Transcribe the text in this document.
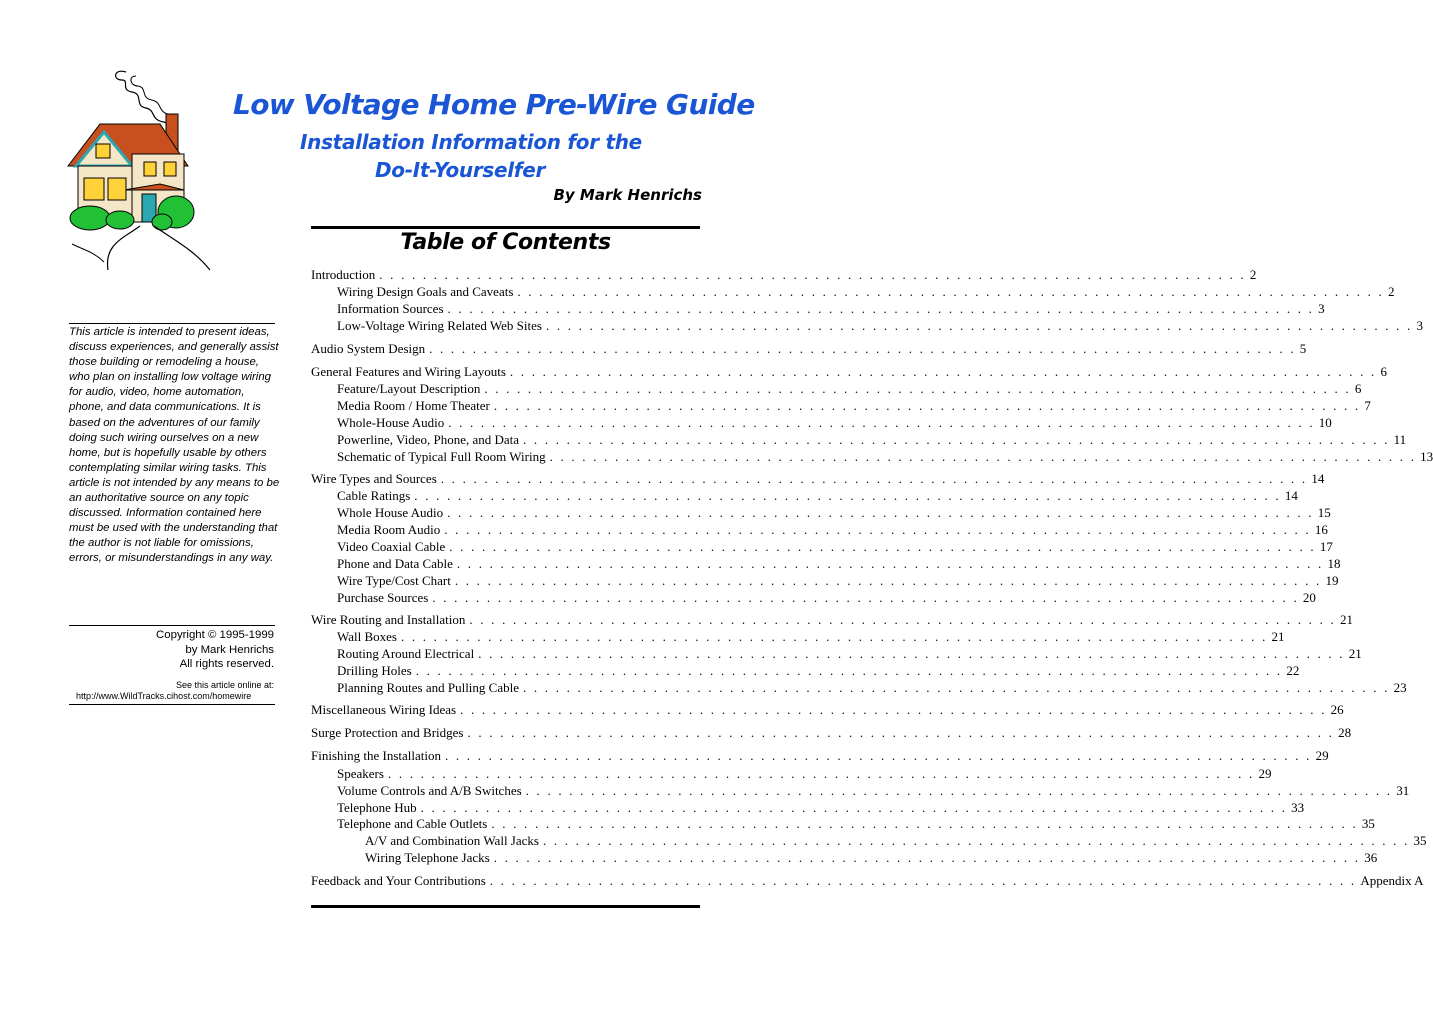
Low Voltage Home Pre-Wire Guide
Installation Information for the
Do-It-Yourselfer
By Mark Henrichs
Table of Contents
Introduction . . . . . . . . . . . . . . . . . . . . . . . . . . . . . . . . . . . . . . . . . . . . . . . . . . . . . . . . . . . . . . . . . . . . . . . . . . . . . . . . 2
Wiring Design Goals and Caveats . . . . . . . . . . . . . . . . . . . . . . . . . . . . . . . . . . . . . . . . . . . . . . . . . . . . . . . . . . . . . . . . . . . . . . . . . . . . . . . . 2
Information Sources . . . . . . . . . . . . . . . . . . . . . . . . . . . . . . . . . . . . . . . . . . . . . . . . . . . . . . . . . . . . . . . . . . . . . . . . . . . . . . . . 3
Low-Voltage Wiring Related Web Sites . . . . . . . . . . . . . . . . . . . . . . . . . . . . . . . . . . . . . . . . . . . . . . . . . . . . . . . . . . . . . . . . . . . . . . . . . . . . . . . . 3
Audio System Design . . . . . . . . . . . . . . . . . . . . . . . . . . . . . . . . . . . . . . . . . . . . . . . . . . . . . . . . . . . . . . . . . . . . . . . . . . . . . . . . 5
General Features and Wiring Layouts . . . . . . . . . . . . . . . . . . . . . . . . . . . . . . . . . . . . . . . . . . . . . . . . . . . . . . . . . . . . . . . . . . . . . . . . . . . . . . . . 6
Feature/Layout Description . . . . . . . . . . . . . . . . . . . . . . . . . . . . . . . . . . . . . . . . . . . . . . . . . . . . . . . . . . . . . . . . . . . . . . . . . . . . . . . . 6
Media Room / Home Theater . . . . . . . . . . . . . . . . . . . . . . . . . . . . . . . . . . . . . . . . . . . . . . . . . . . . . . . . . . . . . . . . . . . . . . . . . . . . . . . . 7
Whole-House Audio . . . . . . . . . . . . . . . . . . . . . . . . . . . . . . . . . . . . . . . . . . . . . . . . . . . . . . . . . . . . . . . . . . . . . . . . . . . . . . . . 10
Powerline, Video, Phone, and Data . . . . . . . . . . . . . . . . . . . . . . . . . . . . . . . . . . . . . . . . . . . . . . . . . . . . . . . . . . . . . . . . . . . . . . . . . . . . . . . . 11
Schematic of Typical Full Room Wiring . . . . . . . . . . . . . . . . . . . . . . . . . . . . . . . . . . . . . . . . . . . . . . . . . . . . . . . . . . . . . . . . . . . . . . . . . . . . . . . . 13
Wire Types and Sources . . . . . . . . . . . . . . . . . . . . . . . . . . . . . . . . . . . . . . . . . . . . . . . . . . . . . . . . . . . . . . . . . . . . . . . . . . . . . . . . 14
Cable Ratings . . . . . . . . . . . . . . . . . . . . . . . . . . . . . . . . . . . . . . . . . . . . . . . . . . . . . . . . . . . . . . . . . . . . . . . . . . . . . . . . 14
Whole House Audio . . . . . . . . . . . . . . . . . . . . . . . . . . . . . . . . . . . . . . . . . . . . . . . . . . . . . . . . . . . . . . . . . . . . . . . . . . . . . . . . 15
Media Room Audio . . . . . . . . . . . . . . . . . . . . . . . . . . . . . . . . . . . . . . . . . . . . . . . . . . . . . . . . . . . . . . . . . . . . . . . . . . . . . . . . 16
Video Coaxial Cable . . . . . . . . . . . . . . . . . . . . . . . . . . . . . . . . . . . . . . . . . . . . . . . . . . . . . . . . . . . . . . . . . . . . . . . . . . . . . . . . 17
Phone and Data Cable . . . . . . . . . . . . . . . . . . . . . . . . . . . . . . . . . . . . . . . . . . . . . . . . . . . . . . . . . . . . . . . . . . . . . . . . . . . . . . . . 18
Wire Type/Cost Chart . . . . . . . . . . . . . . . . . . . . . . . . . . . . . . . . . . . . . . . . . . . . . . . . . . . . . . . . . . . . . . . . . . . . . . . . . . . . . . . . 19
Purchase Sources . . . . . . . . . . . . . . . . . . . . . . . . . . . . . . . . . . . . . . . . . . . . . . . . . . . . . . . . . . . . . . . . . . . . . . . . . . . . . . . . 20
Wire Routing and Installation . . . . . . . . . . . . . . . . . . . . . . . . . . . . . . . . . . . . . . . . . . . . . . . . . . . . . . . . . . . . . . . . . . . . . . . . . . . . . . . . 21
Wall Boxes . . . . . . . . . . . . . . . . . . . . . . . . . . . . . . . . . . . . . . . . . . . . . . . . . . . . . . . . . . . . . . . . . . . . . . . . . . . . . . . . 21
Routing Around Electrical . . . . . . . . . . . . . . . . . . . . . . . . . . . . . . . . . . . . . . . . . . . . . . . . . . . . . . . . . . . . . . . . . . . . . . . . . . . . . . . . 21
Drilling Holes . . . . . . . . . . . . . . . . . . . . . . . . . . . . . . . . . . . . . . . . . . . . . . . . . . . . . . . . . . . . . . . . . . . . . . . . . . . . . . . . 22
Planning Routes and Pulling Cable . . . . . . . . . . . . . . . . . . . . . . . . . . . . . . . . . . . . . . . . . . . . . . . . . . . . . . . . . . . . . . . . . . . . . . . . . . . . . . . . 23
Miscellaneous Wiring Ideas . . . . . . . . . . . . . . . . . . . . . . . . . . . . . . . . . . . . . . . . . . . . . . . . . . . . . . . . . . . . . . . . . . . . . . . . . . . . . . . . 26
Surge Protection and Bridges . . . . . . . . . . . . . . . . . . . . . . . . . . . . . . . . . . . . . . . . . . . . . . . . . . . . . . . . . . . . . . . . . . . . . . . . . . . . . . . . 28
Finishing the Installation . . . . . . . . . . . . . . . . . . . . . . . . . . . . . . . . . . . . . . . . . . . . . . . . . . . . . . . . . . . . . . . . . . . . . . . . . . . . . . . . 29
Speakers . . . . . . . . . . . . . . . . . . . . . . . . . . . . . . . . . . . . . . . . . . . . . . . . . . . . . . . . . . . . . . . . . . . . . . . . . . . . . . . . 29
Volume Controls and A/B Switches . . . . . . . . . . . . . . . . . . . . . . . . . . . . . . . . . . . . . . . . . . . . . . . . . . . . . . . . . . . . . . . . . . . . . . . . . . . . . . . . 31
Telephone Hub . . . . . . . . . . . . . . . . . . . . . . . . . . . . . . . . . . . . . . . . . . . . . . . . . . . . . . . . . . . . . . . . . . . . . . . . . . . . . . . . 33
Telephone and Cable Outlets . . . . . . . . . . . . . . . . . . . . . . . . . . . . . . . . . . . . . . . . . . . . . . . . . . . . . . . . . . . . . . . . . . . . . . . . . . . . . . . . 35
A/V and Combination Wall Jacks . . . . . . . . . . . . . . . . . . . . . . . . . . . . . . . . . . . . . . . . . . . . . . . . . . . . . . . . . . . . . . . . . . . . . . . . . . . . . . . . 35
Wiring Telephone Jacks . . . . . . . . . . . . . . . . . . . . . . . . . . . . . . . . . . . . . . . . . . . . . . . . . . . . . . . . . . . . . . . . . . . . . . . . . . . . . . . . 36
Feedback and Your Contributions . . . . . . . . . . . . . . . . . . . . . . . . . . . . . . . . . . . . . . . . . . . . . . . . . . . . . . . . . . . . . . . . . . . . . . . . . . . . . . . . Appendix A
This article is intended to present ideas, discuss experiences, and generally assist those building or remodeling a house, who plan on installing low voltage wiring for audio, video, home automation, phone, and data communications. It is based on the adventures of our family doing such wiring ourselves on a new home, but is hopefully usable by others contemplating similar wiring tasks. This article is not intended by any means to be an authoritative source on any topic discussed. Information contained here must be used with the understanding that the author is not liable for omissions, errors, or misunderstandings in any way.
Copyright © 1995-1999
by Mark Henrichs
All rights reserved.
See this article online at:
http://www.WildTracks.cihost.com/homewire
